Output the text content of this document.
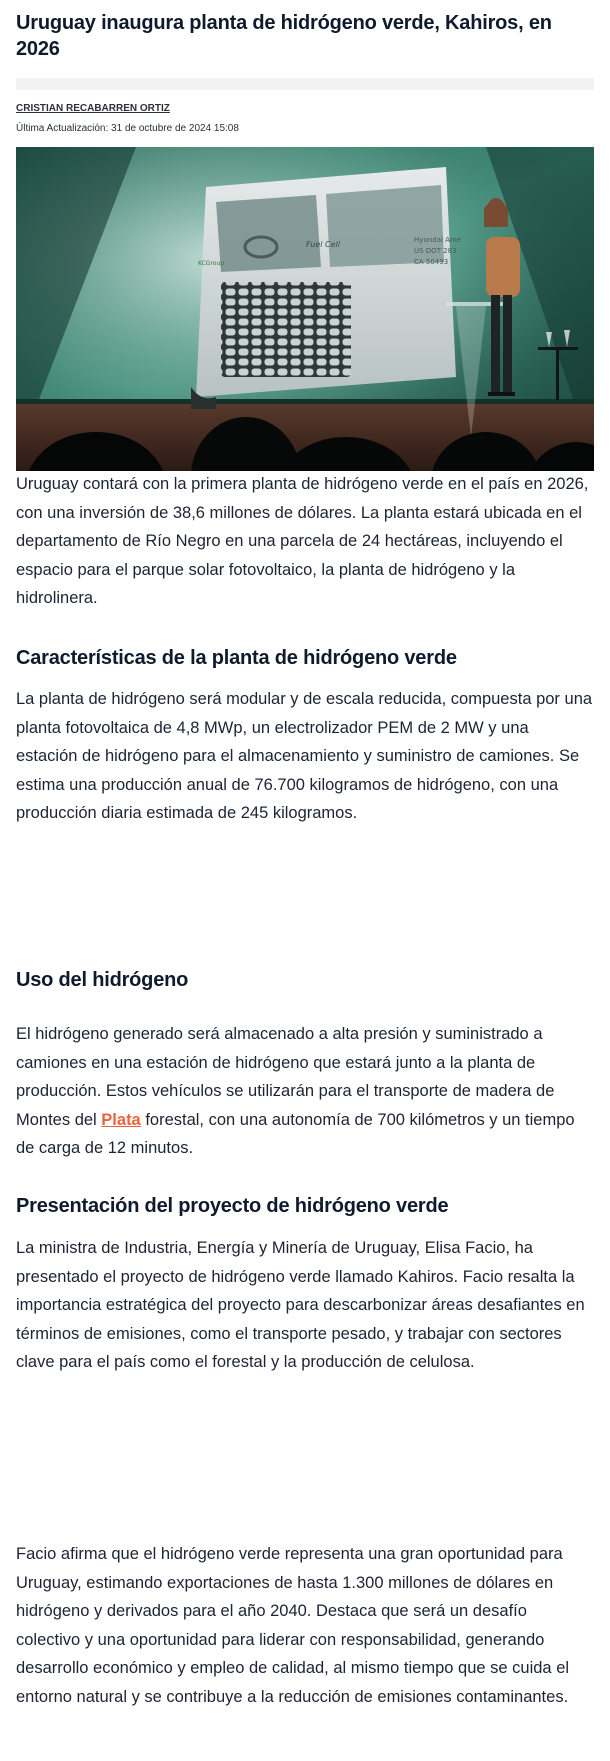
Uruguay inaugura planta de hidrógeno verde, Kahiros, en 2026
CRISTIAN RECABARREN ORTIZ
Última Actualización: 31 de octubre de 2024 15:08
Fuel Cell
KCGroup
Hyundai Ame
US DOT 283
CA 50493

Uruguay contará con la primera planta de hidrógeno verde en el país en 2026, con una inversión de 38,6 millones de dólares. La planta estará ubicada en el departamento de Río Negro en una parcela de 24 hectáreas, incluyendo el espacio para el parque solar fotovoltaico, la planta de hidrógeno y la hidrolinera.

Características de la planta de hidrógeno verde

La planta de hidrógeno será modular y de escala reducida, compuesta por una planta fotovoltaica de 4,8 MWp, un electrolizador PEM de 2 MW y una estación de hidrógeno para el almacenamiento y suministro de camiones. Se estima una producción anual de 76.700 kilogramos de hidrógeno, con una producción diaria estimada de 245 kilogramos.

Uso del hidrógeno

El hidrógeno generado será almacenado a alta presión y suministrado a camiones en una estación de hidrógeno que estará junto a la planta de producción. Estos vehículos se utilizarán para el transporte de madera de Montes del Plata forestal, con una autonomía de 700 kilómetros y un tiempo de carga de 12 minutos.

Presentación del proyecto de hidrógeno verde

La ministra de Industria, Energía y Minería de Uruguay, Elisa Facio, ha presentado el proyecto de hidrógeno verde llamado Kahiros. Facio resalta la importancia estratégica del proyecto para descarbonizar áreas desafiantes en términos de emisiones, como el transporte pesado, y trabajar con sectores clave para el país como el forestal y la producción de celulosa.

Facio afirma que el hidrógeno verde representa una gran oportunidad para Uruguay, estimando exportaciones de hasta 1.300 millones de dólares en hidrógeno y derivados para el año 2040. Destaca que será un desafío colectivo y una oportunidad para liderar con responsabilidad, generando desarrollo económico y empleo de calidad, al mismo tiempo que se cuida el entorno natural y se contribuye a la reducción de emisiones contaminantes.
